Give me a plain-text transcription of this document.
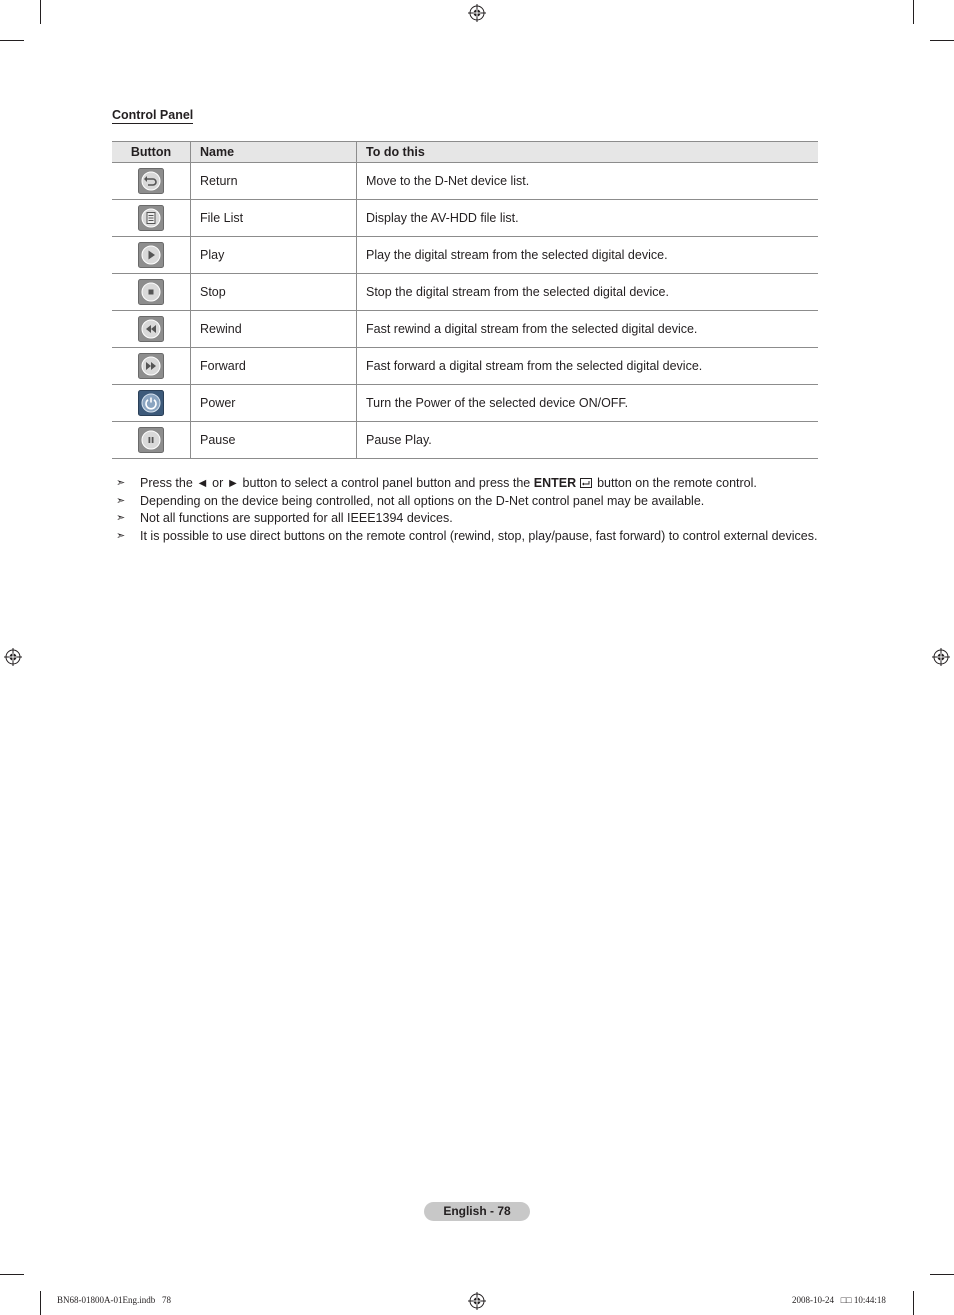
Control Panel
Button	Name	To do this
	Return	Move to the D-Net device list.
	File List	Display the AV-HDD file list.
	Play	Play the digital stream from the selected digital device.
	Stop	Stop the digital stream from the selected digital device.
	Rewind	Fast rewind a digital stream from the selected digital device.
	Forward	Fast forward a digital stream from the selected digital device.
	Power	Turn the Power of the selected device ON/OFF.
	Pause	Pause Play.
➣ Press the ◄ or ► button to select a control panel button and press the ENTER  button on the remote control.
➣ Depending on the device being controlled, not all options on the D-Net control panel may be available.
➣ Not all functions are supported for all IEEE1394 devices.
➣ It is possible to use direct buttons on the remote control (rewind, stop, play/pause, fast forward) to control external devices.
English - 78
BN68-01800A-01Eng.indb   78	2008-10-24   □□ 10:44:18
